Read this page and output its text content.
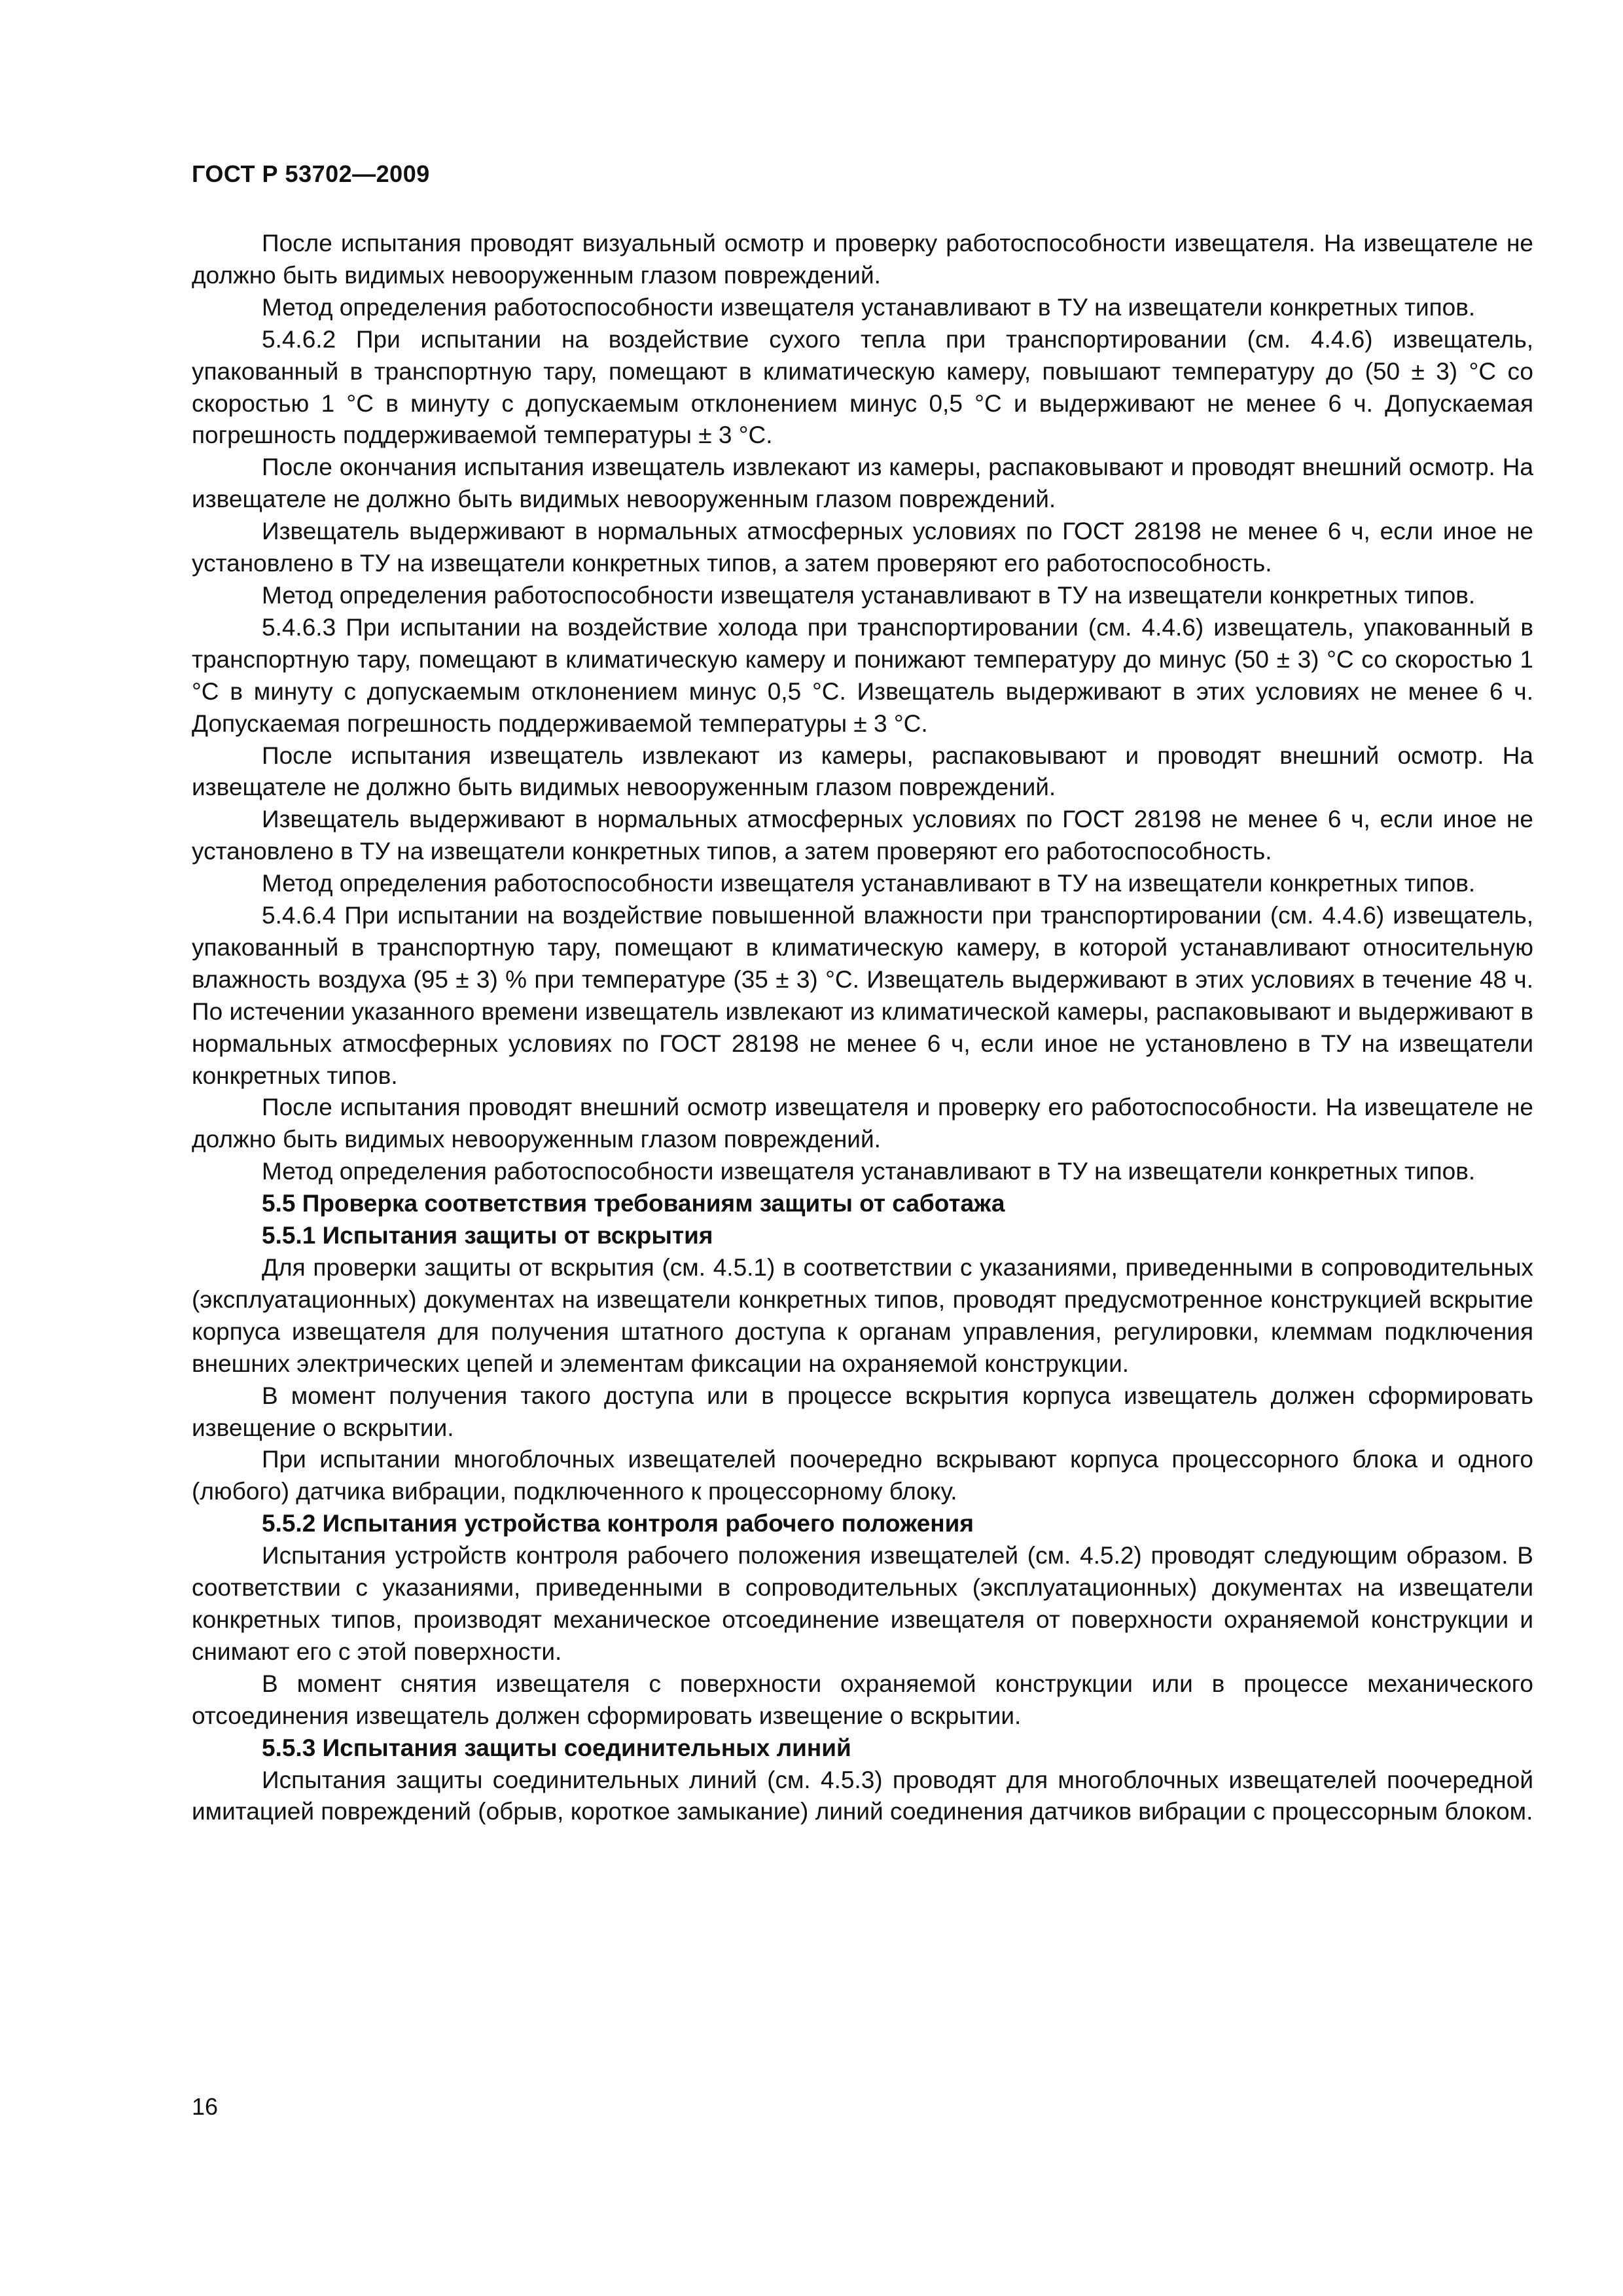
ГОСТ Р 53702—2009

После испытания проводят визуальный осмотр и проверку работоспособности извещателя. На извещателе не должно быть видимых невооруженным глазом повреждений.

Метод определения работоспособности извещателя устанавливают в ТУ на извещатели конкретных типов.

5.4.6.2 При испытании на воздействие сухого тепла при транспортировании (см. 4.4.6) извещатель, упакованный в транспортную тару, помещают в климатическую камеру, повышают температуру до (50 ± 3) °С со скоростью 1 °С в минуту с допускаемым отклонением минус 0,5 °С и выдерживают не менее 6 ч. Допускаемая погрешность поддерживаемой температуры ± 3 °С.

После окончания испытания извещатель извлекают из камеры, распаковывают и проводят внешний осмотр. На извещателе не должно быть видимых невооруженным глазом повреждений.

Извещатель выдерживают в нормальных атмосферных условиях по ГОСТ 28198 не менее 6 ч, если иное не установлено в ТУ на извещатели конкретных типов, а затем проверяют его работоспособность.

Метод определения работоспособности извещателя устанавливают в ТУ на извещатели конкретных типов.

5.4.6.3 При испытании на воздействие холода при транспортировании (см. 4.4.6) извещатель, упакованный в транспортную тару, помещают в климатическую камеру и понижают температуру до минус (50 ± 3) °С со скоростью 1 °С в минуту с допускаемым отклонением минус 0,5 °С. Извещатель выдерживают в этих условиях не менее 6 ч. Допускаемая погрешность поддерживаемой температуры ± 3 °С.

После испытания извещатель извлекают из камеры, распаковывают и проводят внешний осмотр. На извещателе не должно быть видимых невооруженным глазом повреждений.

Извещатель выдерживают в нормальных атмосферных условиях по ГОСТ 28198 не менее 6 ч, если иное не установлено в ТУ на извещатели конкретных типов, а затем проверяют его работоспособность.

Метод определения работоспособности извещателя устанавливают в ТУ на извещатели конкретных типов.

5.4.6.4 При испытании на воздействие повышенной влажности при транспортировании (см. 4.4.6) извещатель, упакованный в транспортную тару, помещают в климатическую камеру, в которой устанавливают относительную влажность воздуха (95 ± 3) % при температуре (35 ± 3) °С. Извещатель выдерживают в этих условиях в течение 48 ч. По истечении указанного времени извещатель извлекают из климатической камеры, распаковывают и выдерживают в нормальных атмосферных условиях по ГОСТ 28198 не менее 6 ч, если иное не установлено в ТУ на извещатели конкретных типов.

После испытания проводят внешний осмотр извещателя и проверку его работоспособности. На извещателе не должно быть видимых невооруженным глазом повреждений.

Метод определения работоспособности извещателя устанавливают в ТУ на извещатели конкретных типов.

5.5 Проверка соответствия требованиям защиты от саботажа

5.5.1 Испытания защиты от вскрытия

Для проверки защиты от вскрытия (см. 4.5.1) в соответствии с указаниями, приведенными в сопроводительных (эксплуатационных) документах на извещатели конкретных типов, проводят предусмотренное конструкцией вскрытие корпуса извещателя для получения штатного доступа к органам управления, регулировки, клеммам подключения внешних электрических цепей и элементам фиксации на охраняемой конструкции.

В момент получения такого доступа или в процессе вскрытия корпуса извещатель должен сформировать извещение о вскрытии.

При испытании многоблочных извещателей поочередно вскрывают корпуса процессорного блока и одного (любого) датчика вибрации, подключенного к процессорному блоку.

5.5.2 Испытания устройства контроля рабочего положения

Испытания устройств контроля рабочего положения извещателей (см. 4.5.2) проводят следующим образом. В соответствии с указаниями, приведенными в сопроводительных (эксплуатационных) документах на извещатели конкретных типов, производят механическое отсоединение извещателя от поверхности охраняемой конструкции и снимают его с этой поверхности.

В момент снятия извещателя с поверхности охраняемой конструкции или в процессе механического отсоединения извещатель должен сформировать извещение о вскрытии.

5.5.3 Испытания защиты соединительных линий

Испытания защиты соединительных линий (см. 4.5.3) проводят для многоблочных извещателей поочередной имитацией повреждений (обрыв, короткое замыкание) линий соединения датчиков вибрации с процессорным блоком.

16
